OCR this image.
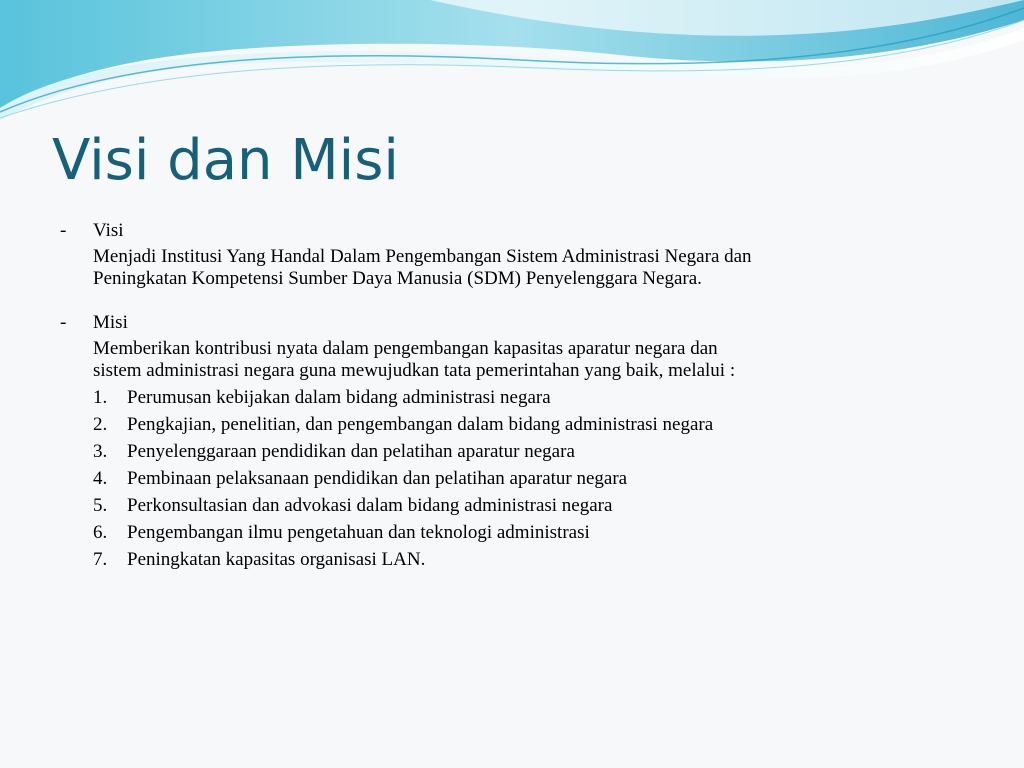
Visi dan Misi
-	Visi
Menjadi Institusi Yang Handal Dalam Pengembangan Sistem Administrasi Negara dan
Peningkatan Kompetensi Sumber Daya Manusia (SDM) Penyelenggara Negara.
-	Misi
Memberikan kontribusi nyata dalam pengembangan kapasitas aparatur negara dan
sistem administrasi negara guna mewujudkan tata pemerintahan yang baik, melalui :
1.	Perumusan kebijakan dalam bidang administrasi negara
2.	Pengkajian, penelitian, dan pengembangan dalam bidang administrasi negara
3.	Penyelenggaraan pendidikan dan pelatihan aparatur negara
4.	Pembinaan pelaksanaan pendidikan dan pelatihan aparatur negara
5.	Perkonsultasian dan advokasi dalam bidang administrasi negara
6.	Pengembangan ilmu pengetahuan dan teknologi administrasi
7.	Peningkatan kapasitas organisasi LAN.
